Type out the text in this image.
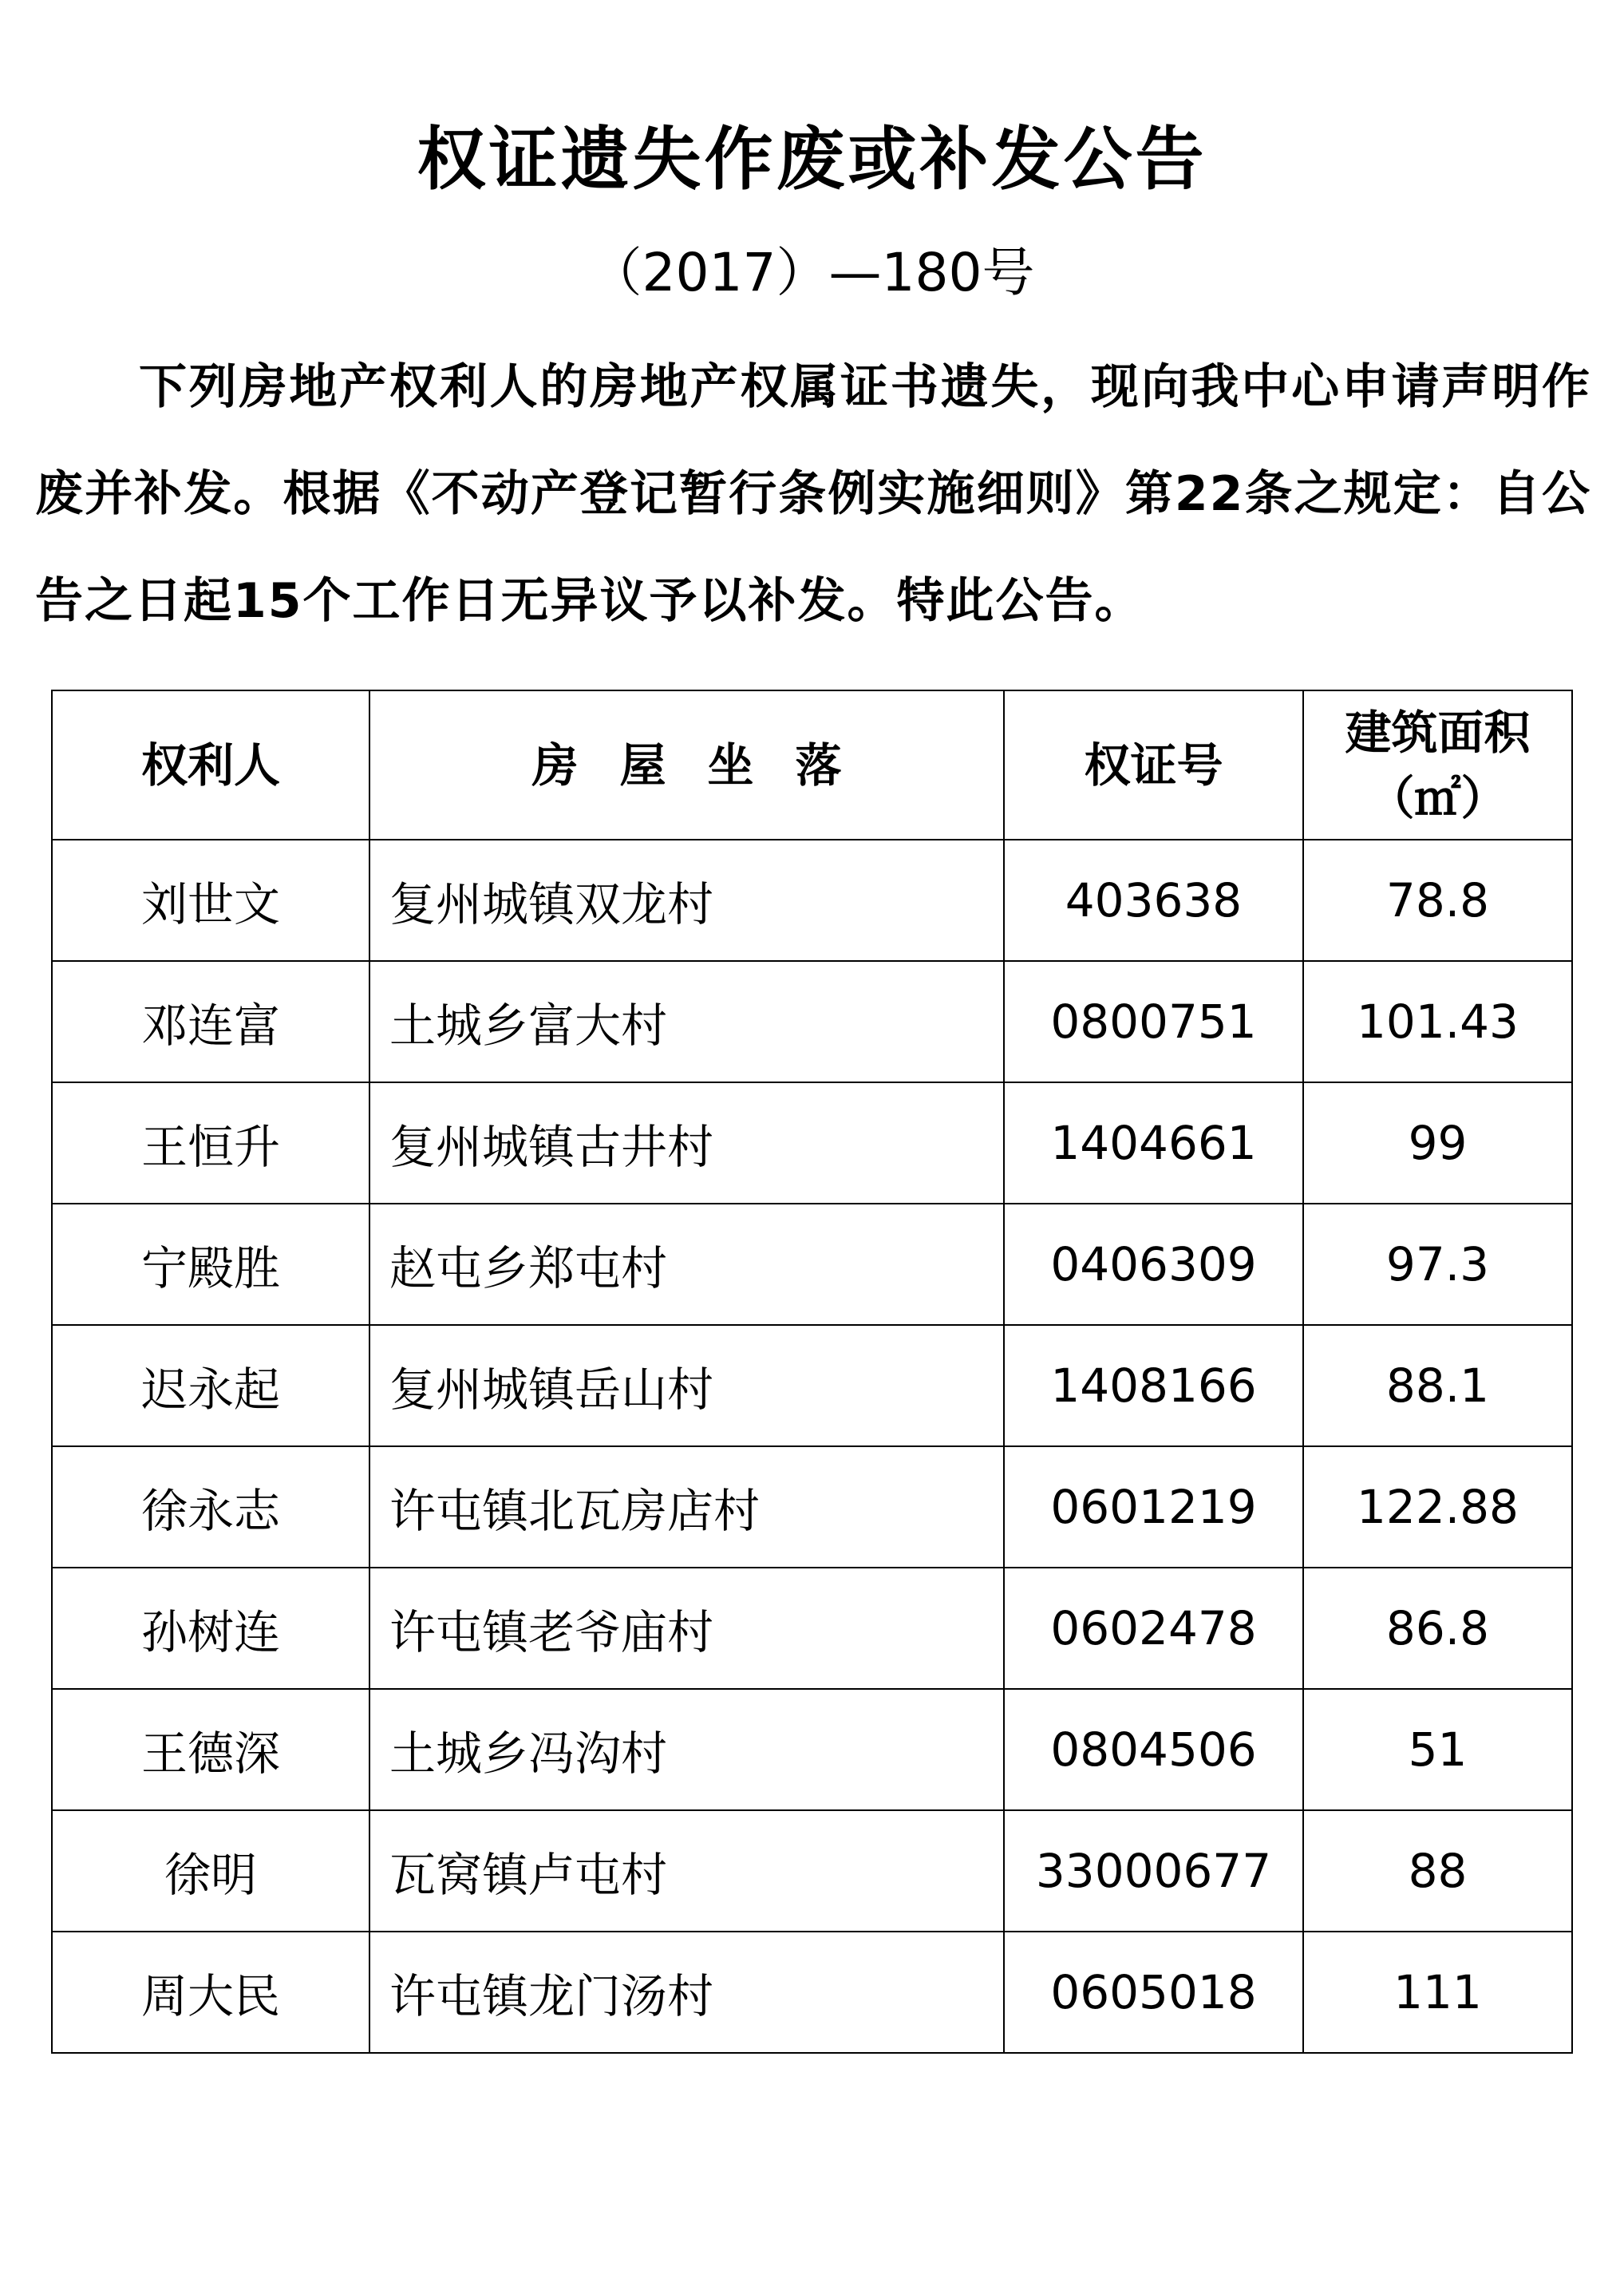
权证遗失作废或补发公告
（2017）—180号

下列房地产权利人的房地产权属证书遗失，现向我中心申请声明作废并补发。根据《不动产登记暂行条例实施细则》第22条之规定：自公告之日起15个工作日无异议予以补发。特此公告。

权利人	房屋坐落	权证号	建筑面积
（㎡）

刘世文	复州城镇双龙村	403638	78.8
邓连富	土城乡富大村	0800751	101.43
王恒升	复州城镇古井村	1404661	99
宁殿胜	赵屯乡郑屯村	0406309	97.3
迟永起	复州城镇岳山村	1408166	88.1
徐永志	许屯镇北瓦房店村	0601219	122.88
孙树连	许屯镇老爷庙村	0602478	86.8
王德深	土城乡冯沟村	0804506	51
徐明	瓦窝镇卢屯村	33000677	88
周大民	许屯镇龙门汤村	0605018	111
